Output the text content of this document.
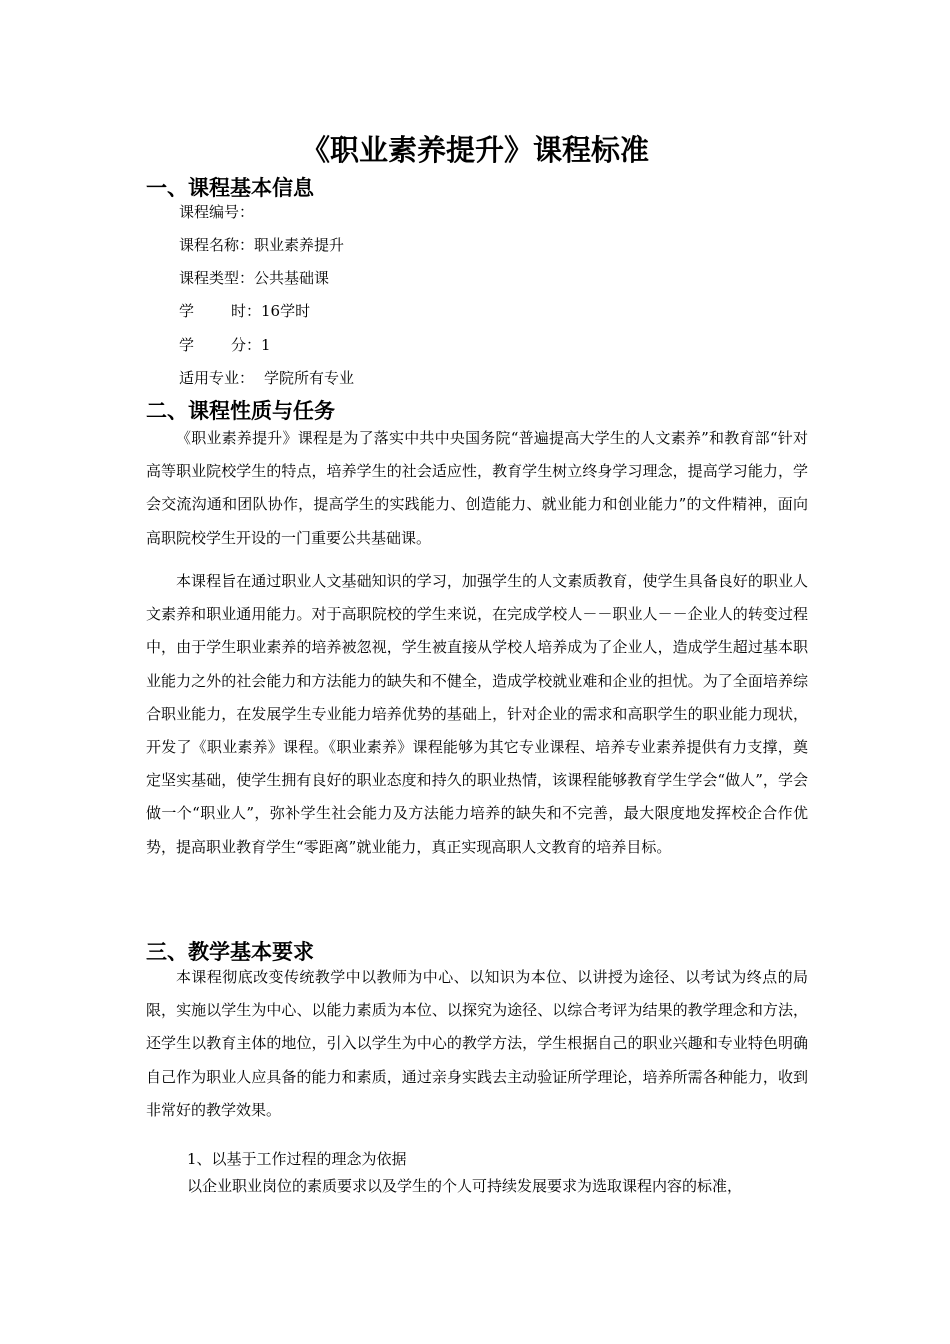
《职业素养提升》课程标准
一、课程基本信息
课程编号：
课程名称：职业素养提升
课程类型：公共基础课
学 时：16学时
学 分：1
适用专业： 学院所有专业
二、课程性质与任务

《职业素养提升》课程是为了落实中共中央国务院“普遍提高大学生的人文素养”和教育部“针对高等职业院校学生的特点，培养学生的社会适应性，教育学生树立终身学习理念，提高学习能力，学会交流沟通和团队协作，提高学生的实践能力、创造能力、就业能力和创业能力”的文件精神，面向高职院校学生开设的一门重要公共基础课。

本课程旨在通过职业人文基础知识的学习，加强学生的人文素质教育，使学生具备良好的职业人文素养和职业通用能力。对于高职院校的学生来说，在完成学校人－－职业人－－企业人的转变过程中，由于学生职业素养的培养被忽视，学生被直接从学校人培养成为了企业人，造成学生超过基本职业能力之外的社会能力和方法能力的缺失和不健全，造成学校就业难和企业的担忧。为了全面培养综合职业能力，在发展学生专业能力培养优势的基础上，针对企业的需求和高职学生的职业能力现状，开发了《职业素养》课程。《职业素养》课程能够为其它专业课程、培养专业素养提供有力支撑，奠定坚实基础，使学生拥有良好的职业态度和持久的职业热情，该课程能够教育学生学会“做人”，学会做一个“职业人”，弥补学生社会能力及方法能力培养的缺失和不完善，最大限度地发挥校企合作优势，提高职业教育学生“零距离”就业能力，真正实现高职人文教育的培养目标。

三、教学基本要求

本课程彻底改变传统教学中以教师为中心、以知识为本位、以讲授为途径、以考试为终点的局限，实施以学生为中心、以能力素质为本位、以探究为途径、以综合考评为结果的教学理念和方法，还学生以教育主体的地位，引入以学生为中心的教学方法，学生根据自己的职业兴趣和专业特色明确自己作为职业人应具备的能力和素质，通过亲身实践去主动验证所学理论，培养所需各种能力，收到非常好的教学效果。

1、以基于工作过程的理念为依据
以企业职业岗位的素质要求以及学生的个人可持续发展要求为选取课程内容的标准，
